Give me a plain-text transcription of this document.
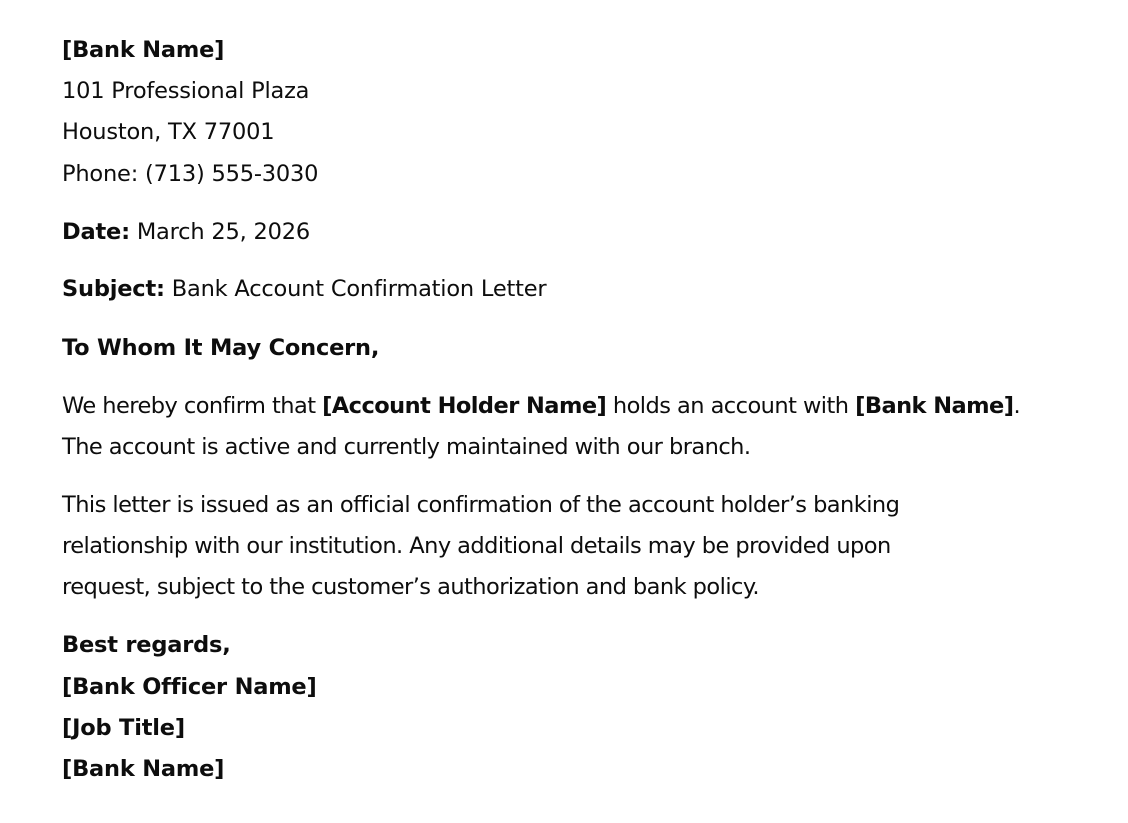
[Bank Name]
101 Professional Plaza
Houston, TX 77001
Phone: (713) 555-3030
Date: March 25, 2026
Subject: Bank Account Confirmation Letter
To Whom It May Concern,
We hereby confirm that [Account Holder Name] holds an account with [Bank Name].
The account is active and currently maintained with our branch.
This letter is issued as an official confirmation of the account holder’s banking
relationship with our institution. Any additional details may be provided upon
request, subject to the customer’s authorization and bank policy.
Best regards,
[Bank Officer Name]
[Job Title]
[Bank Name]
